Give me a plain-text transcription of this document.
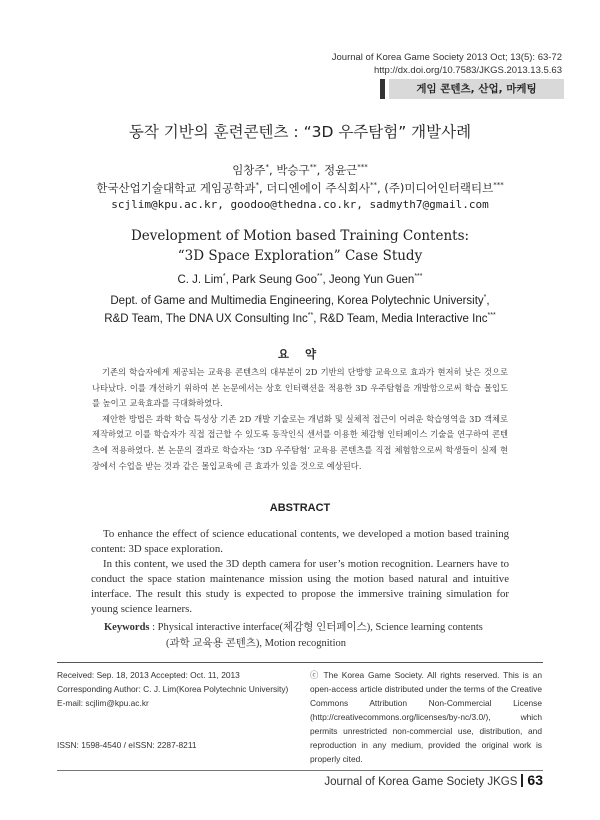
Journal of Korea Game Society 2013 Oct; 13(5): 63-72
http://dx.doi.org/10.7583/JKGS.2013.13.5.63
게임 콘텐츠, 산업, 마케팅
동작 기반의 훈련콘텐츠 : “3D 우주탐험” 개발사례
임창주*, 박승구**, 정윤근***
한국산업기술대학교 게임공학과*, 더디엔에이 주식회사**, (주)미디어인터랙티브***
scjlim@kpu.ac.kr, goodoo@thedna.co.kr, sadmyth7@gmail.com
Development of Motion based Training Contents:
“3D Space Exploration” Case Study
C. J. Lim*, Park Seung Goo**, Jeong Yun Guen***
Dept. of Game and Multimedia Engineering, Korea Polytechnic University*,
R&D Team, The DNA UX Consulting Inc**, R&D Team, Media Interactive Inc***
요 약

기존의 학습자에게 제공되는 교육용 콘텐츠의 대부분이 2D 기반의 단방향 교육으로 효과가 현저히 낮은 것으로 나타났다. 이를 개선하기 위하여 본 논문에서는 상호 인터랙션을 적용한 3D 우주탐험을 개발함으로써 학습 몰입도를 높이고 교육효과를 극대화하였다.

제안한 방법은 과학 학습 특성상 기존 2D 개발 기술로는 개념화 및 실체적 접근이 어려운 학습영역을 3D 객체로 제작하였고 이를 학습자가 직접 접근할 수 있도록 동작인식 센서를 이용한 체감형 인터페이스 기술을 연구하여 콘텐츠에 적용하였다. 본 논문의 결과로 학습자는 ‘3D 우주탐험’ 교육용 콘텐츠를 직접 체험함으로써 학생들이 실제 현장에서 수업을 받는 것과 같은 몰입교육에 큰 효과가 있을 것으로 예상된다.

ABSTRACT

To enhance the effect of science educational contents, we developed a motion based training content: 3D space exploration.

In this content, we used the 3D depth camera for user’s motion recognition. Learners have to conduct the space station maintenance mission using the motion based natural and intuitive interface. The result this study is expected to propose the immersive training simulation for young science learners.

Keywords : Physical interactive interface(체감형 인터페이스), Science learning contents
(과학 교육용 콘텐츠), Motion recognition
Received: Sep. 18, 2013 Accepted: Oct. 11, 2013
Corresponding Author: C. J. Lim(Korea Polytechnic University)
E-mail: scjlim@kpu.ac.kr
ISSN: 1598-4540 / eISSN: 2287-8211
ⓒ The Korea Game Society. All rights reserved. This is an open-access article distributed under the terms of the Creative Commons Attribution Non-Commercial License (http://creativecommons.org/licenses/by-nc/3.0/), which permits unrestricted non-commercial use, distribution, and reproduction in any medium, provided the original work is properly cited.
Journal of Korea Game Society JKGS 63
